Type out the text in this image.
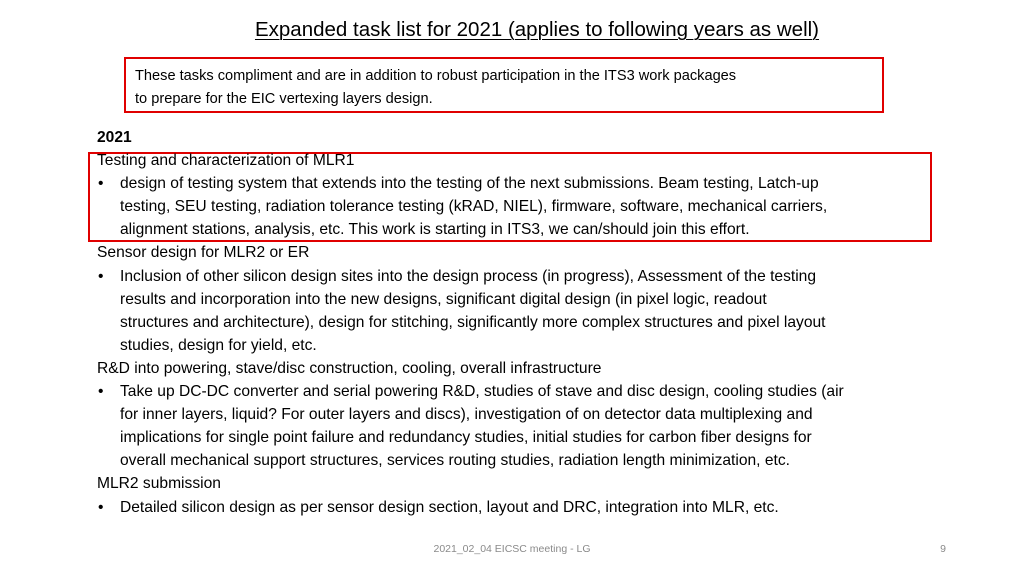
Expanded task list for 2021 (applies to following years as well)
These tasks compliment and are in addition to robust participation in the ITS3 work packages
to prepare for the EIC vertexing layers design.
2021
Testing and characterization of MLR1
• design of testing system that extends into the testing of the next submissions. Beam testing, Latch-up
testing, SEU testing, radiation tolerance testing (kRAD, NIEL), firmware, software, mechanical carriers,
alignment stations, analysis, etc. This work is starting in ITS3, we can/should join this effort.
Sensor design for MLR2 or ER
• Inclusion of other silicon design sites into the design process (in progress), Assessment of the testing
results and incorporation into the new designs, significant digital design (in pixel logic, readout
structures and architecture), design for stitching, significantly more complex structures and pixel layout
studies, design for yield, etc.
R&D into powering, stave/disc construction, cooling, overall infrastructure
• Take up DC-DC converter and serial powering R&D, studies of stave and disc design, cooling studies (air
for inner layers, liquid? For outer layers and discs), investigation of on detector data multiplexing and
implications for single point failure and redundancy studies, initial studies for carbon fiber designs for
overall mechanical support structures, services routing studies, radiation length minimization, etc.
MLR2 submission
• Detailed silicon design as per sensor design section, layout and DRC, integration into MLR, etc.
2021_02_04 EICSC meeting - LG	9
